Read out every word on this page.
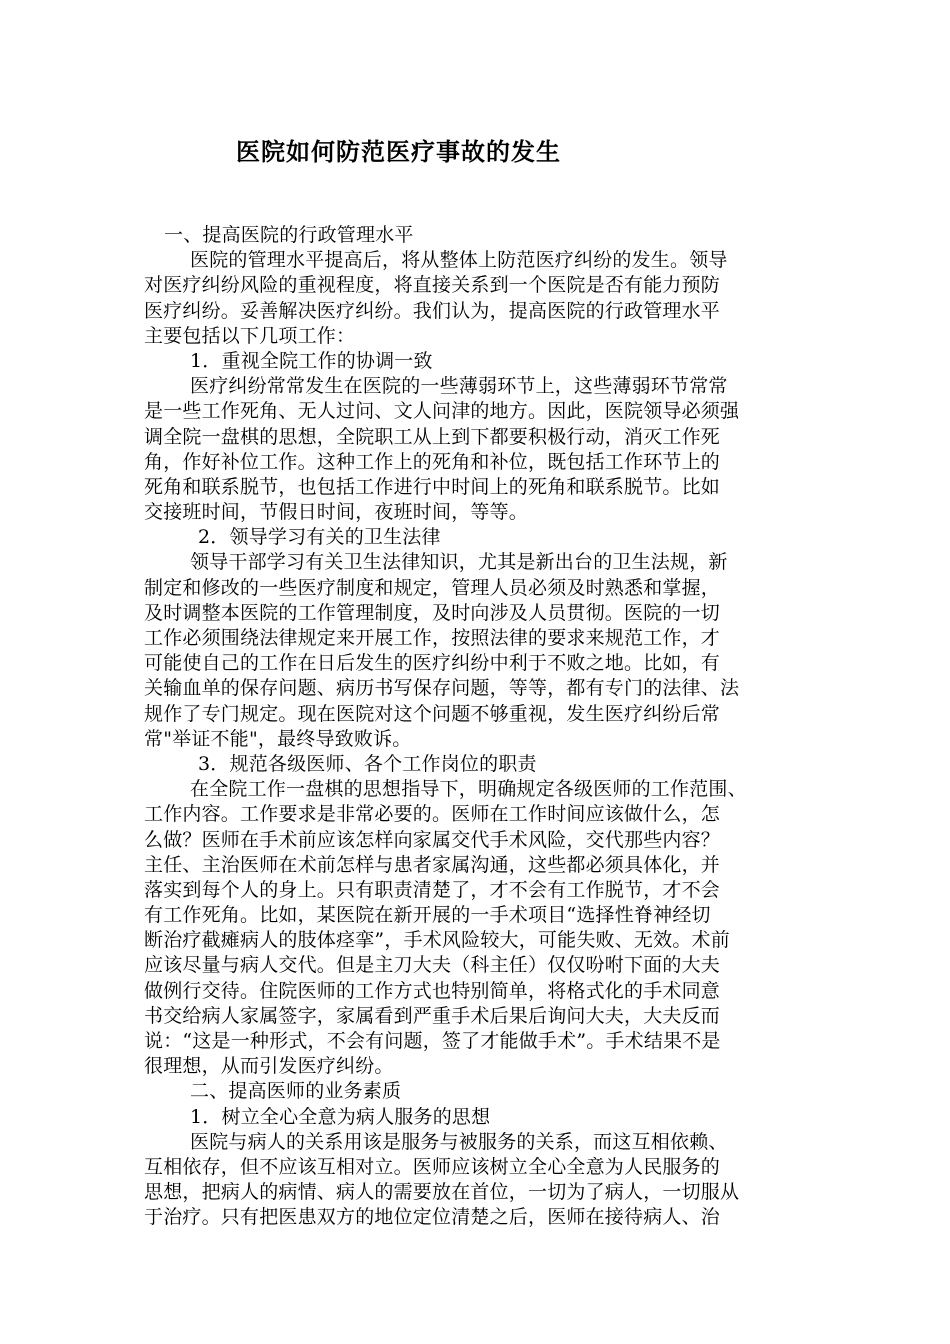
医院如何防范医疗事故的发生
一、提高医院的行政管理水平
医院的管理水平提高后，将从整体上防范医疗纠纷的发生。领导
对医疗纠纷风险的重视程度，将直接关系到一个医院是否有能力预防
医疗纠纷。妥善解决医疗纠纷。我们认为，提高医院的行政管理水平
主要包括以下几项工作：
1．重视全院工作的协调一致
医疗纠纷常常发生在医院的一些薄弱环节上，这些薄弱环节常常
是一些工作死角、无人过问、文人问津的地方。因此，医院领导必须强
调全院一盘棋的思想，全院职工从上到下都要积极行动，消灭工作死
角，作好补位工作。这种工作上的死角和补位，既包括工作环节上的
死角和联系脱节，也包括工作进行中时间上的死角和联系脱节。比如
交接班时间，节假日时间，夜班时间，等等。
2．领导学习有关的卫生法律
领导干部学习有关卫生法律知识，尤其是新出台的卫生法规，新
制定和修改的一些医疗制度和规定，管理人员必须及时熟悉和掌握，
及时调整本医院的工作管理制度，及时向涉及人员贯彻。医院的一切
工作必须围绕法律规定来开展工作，按照法律的要求来规范工作，才
可能使自己的工作在日后发生的医疗纠纷中利于不败之地。比如，有
关输血单的保存问题、病历书写保存问题，等等，都有专门的法律、法
规作了专门规定。现在医院对这个问题不够重视，发生医疗纠纷后常
常"举证不能"，最终导致败诉。
3．规范各级医师、各个工作岗位的职责
在全院工作一盘棋的思想指导下，明确规定各级医师的工作范围、
工作内容。工作要求是非常必要的。医师在工作时间应该做什么，怎
么做？医师在手术前应该怎样向家属交代手术风险，交代那些内容？
主任、主治医师在术前怎样与患者家属沟通，这些都必须具体化，并
落实到每个人的身上。只有职责清楚了，才不会有工作脱节，才不会
有工作死角。比如，某医院在新开展的一手术项目“选择性脊神经切
断治疗截瘫病人的肢体痉挛”，手术风险较大，可能失败、无效。术前
应该尽量与病人交代。但是主刀大夫（科主任）仅仅吩咐下面的大夫
做例行交待。住院医师的工作方式也特别简单，将格式化的手术同意
书交给病人家属签字，家属看到严重手术后果后询问大夫，大夫反而
说：“这是一种形式，不会有问题，签了才能做手术”。手术结果不是
很理想，从而引发医疗纠纷。
二、提高医师的业务素质
1．树立全心全意为病人服务的思想
医院与病人的关系用该是服务与被服务的关系，而这互相依赖、
互相依存，但不应该互相对立。医师应该树立全心全意为人民服务的
思想，把病人的病情、病人的需要放在首位，一切为了病人，一切服从
于治疗。只有把医患双方的地位定位清楚之后，医师在接待病人、治
